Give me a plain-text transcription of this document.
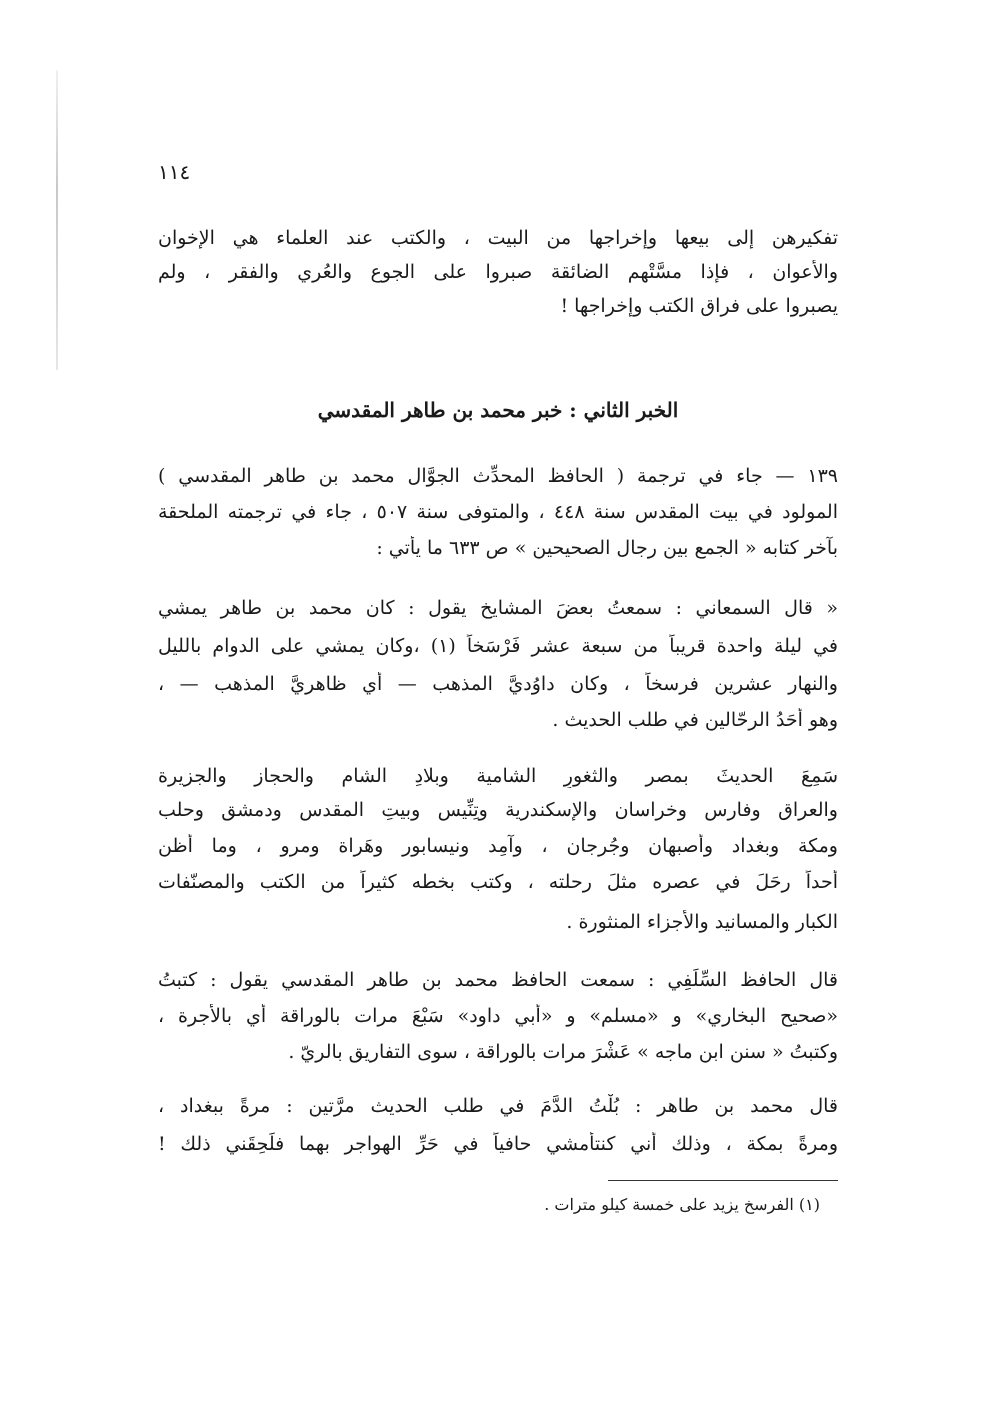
١١٤
تفكيرهن إلى بيعها وإخراجها من البيت ، والكتب عند العلماء هي الإخوان
والأعوان ، فإذا مسَّتْهم الضائقة صبروا على الجوع والعُري والفقر ، ولم
يصبروا على فراق الكتب وإخراجها !
الخبر الثاني : خبر محمد بن طاهر المقدسي
١٣٩ — جاء في ترجمة ( الحافظ المحدِّث الجوَّال محمد بن طاهر المقدسي )
المولود في بيت المقدس سنة ٤٤٨ ، والمتوفى سنة ٥٠٧ ، جاء في ترجمته الملحقة
بآخر كتابه « الجمع بين رجال الصحيحين » ص ٦٣٣ ما يأتي :
« قال السمعاني : سمعتُ بعضَ المشايخ يقول : كان محمد بن طاهر يمشي
في ليلة واحدة قريباً من سبعة عشر فَرْسَخاً (١) ،وكان يمشي على الدوام بالليل
والنهار عشرين فرسخاً ، وكان داوُديَّ المذهب — أي ظاهريَّ المذهب — ،
وهو أحَدُ الرحّالين في طلب الحديث .
سَمِعَ الحديثَ بمصر والثغورِ الشامية وبلادِ الشام والحجاز والجزيرة
والعراق وفارس وخراسان والإسكندرية وتِنِّيس وبيتِ المقدس ودمشق وحلب
ومكة وبغداد وأصبهان وجُرجان ، وآمِد ونيسابور وهَراة ومرو ، وما أظن
أحداً رحَلَ في عصره مثلَ رحلته ، وكتب بخطه كثيراً من الكتب والمصنّفات
الكبار والمسانيد والأجزاء المنثورة .
قال الحافظ السِّلَفِي : سمعت الحافظ محمد بن طاهر المقدسي يقول : كتبتُ
«صحيح البخاري» و «مسلم» و «أبي داود» سَبْعَ مرات بالوراقة أي بالأجرة ،
وكتبتُ « سنن ابن ماجه » عَشْرَ مرات بالوراقة ، سوى التفاريق بالريّ .
قال محمد بن طاهر : بُلْتُ الدَّمَ في طلب الحديث مرَّتين : مرةً ببغداد ،
ومرةً بمكة ، وذلك أني كنتأمشي حافياً في حَرِّ الهواجر بهما فلَحِقَني ذلك !
(١) الفرسخ يزيد على خمسة كيلو مترات .
